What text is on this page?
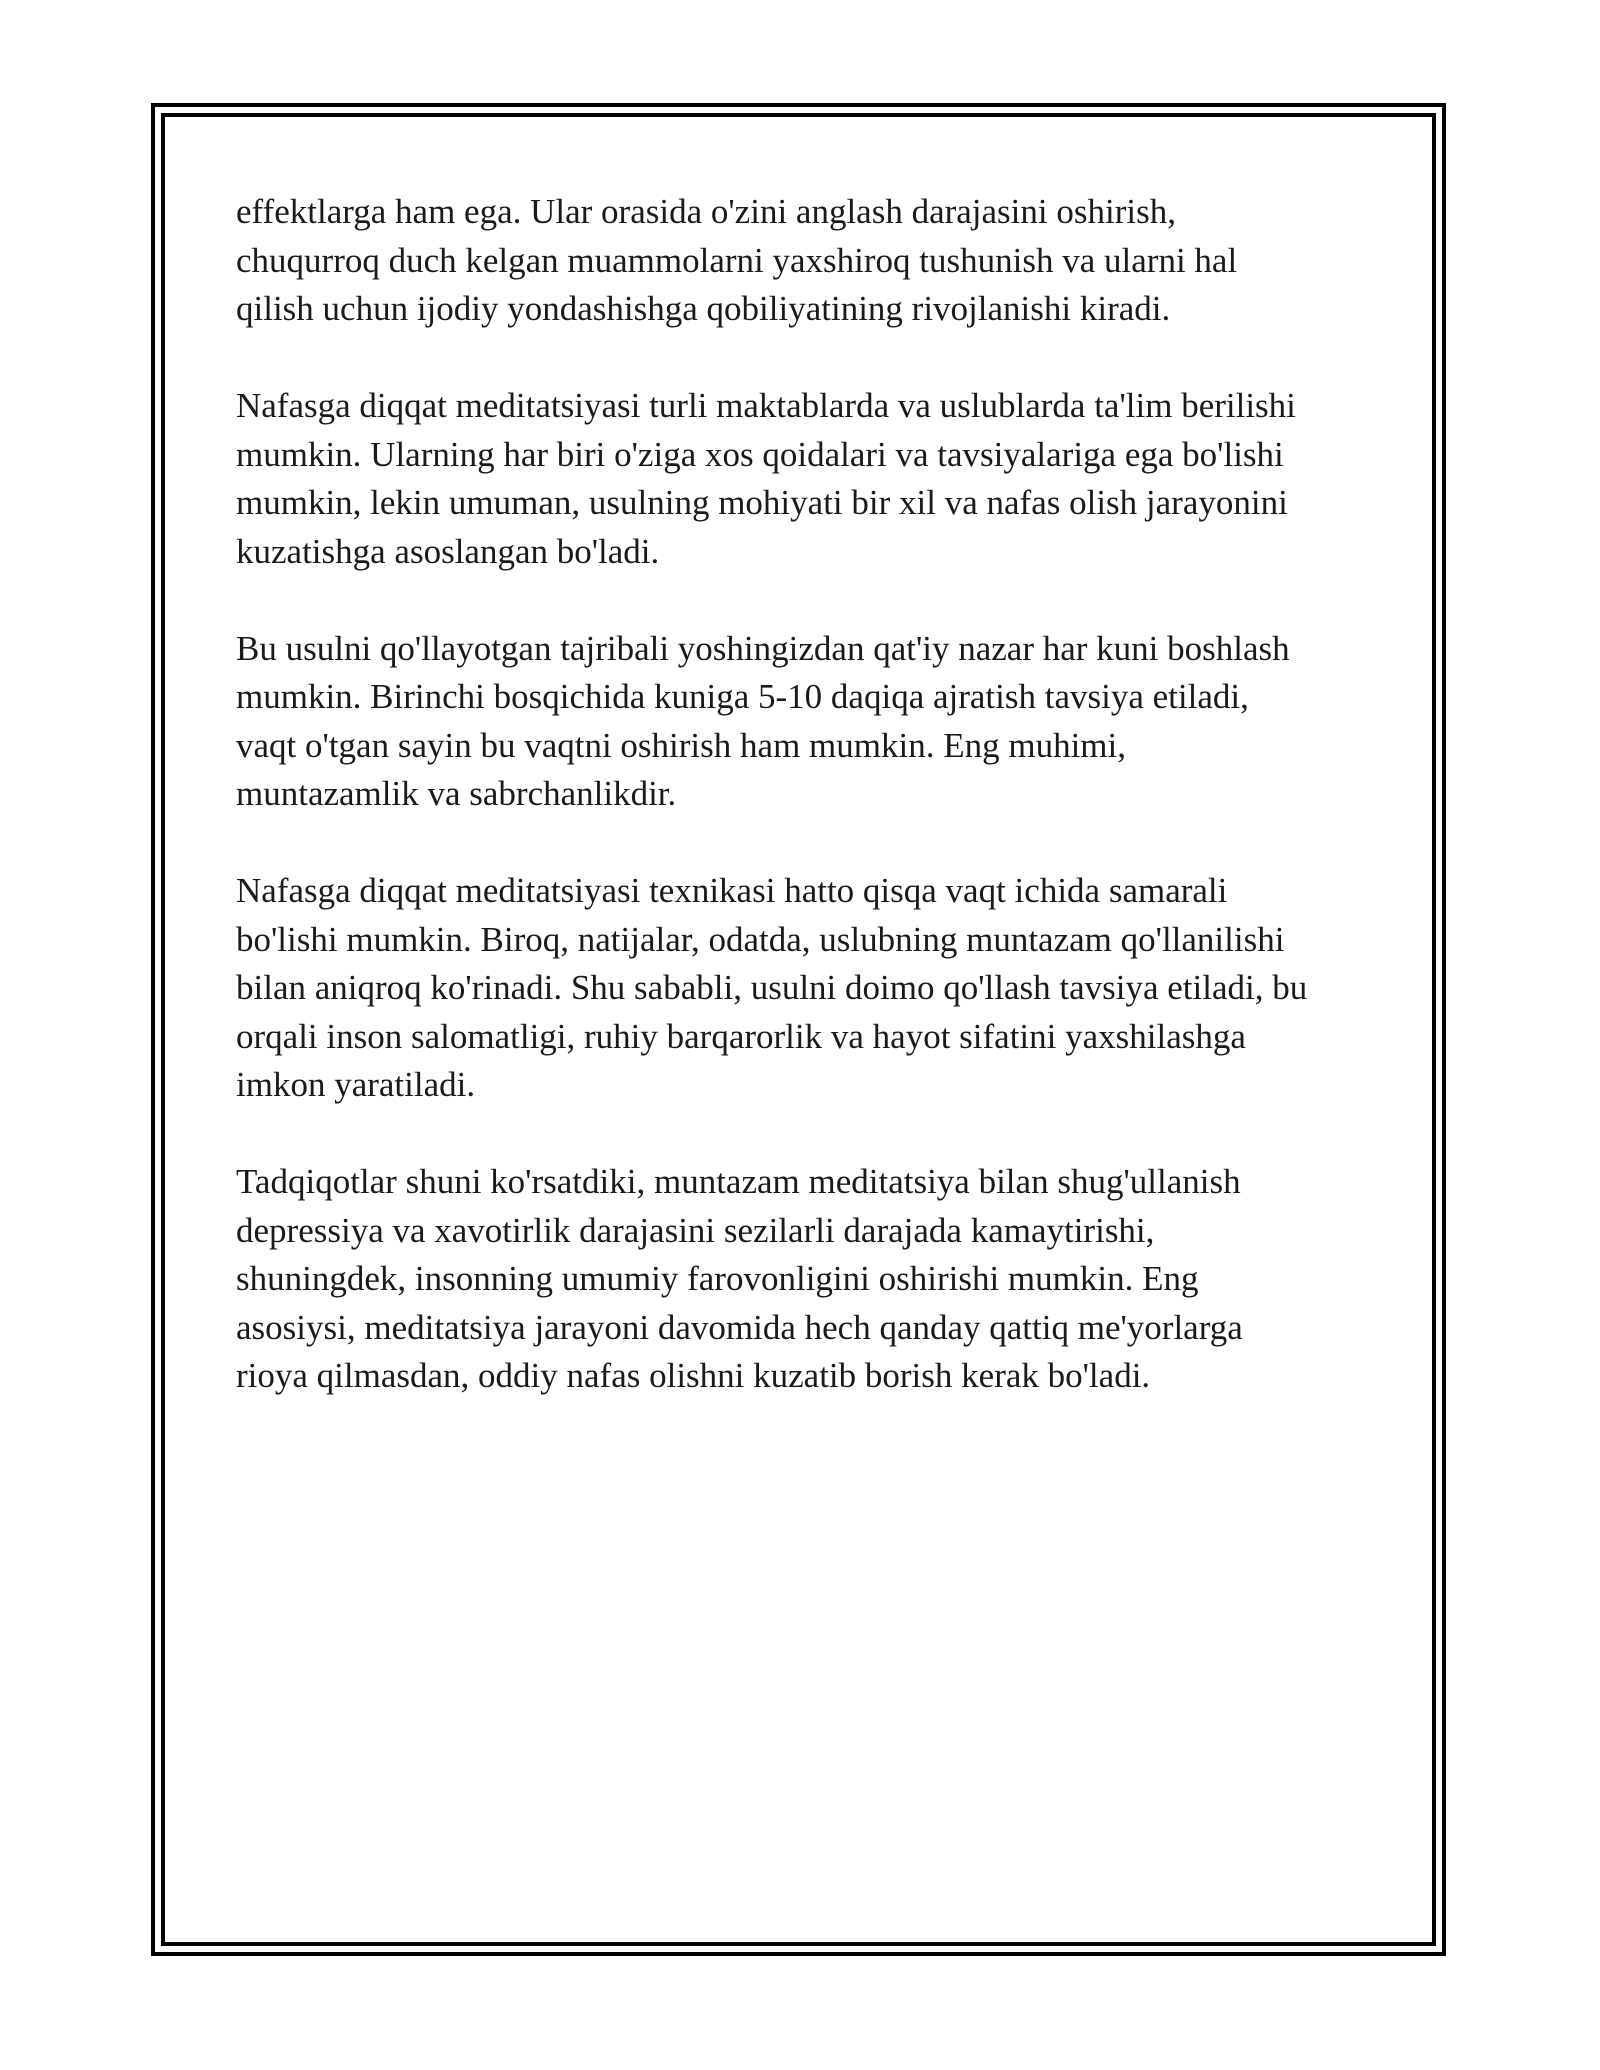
effektlarga ham ega. Ular orasida o'zini anglash darajasini oshirish,
chuqurroq duch kelgan muammolarni yaxshiroq tushunish va ularni hal
qilish uchun ijodiy yondashishga qobiliyatining rivojlanishi kiradi.

Nafasga diqqat meditatsiyasi turli maktablarda va uslublarda ta'lim berilishi
mumkin. Ularning har biri o'ziga xos qoidalari va tavsiyalariga ega bo'lishi
mumkin, lekin umuman, usulning mohiyati bir xil va nafas olish jarayonini
kuzatishga asoslangan bo'ladi.

Bu usulni qo'llayotgan tajribali yoshingizdan qat'iy nazar har kuni boshlash
mumkin. Birinchi bosqichida kuniga 5-10 daqiqa ajratish tavsiya etiladi,
vaqt o'tgan sayin bu vaqtni oshirish ham mumkin. Eng muhimi,
muntazamlik va sabrchanlikdir.

Nafasga diqqat meditatsiyasi texnikasi hatto qisqa vaqt ichida samarali
bo'lishi mumkin. Biroq, natijalar, odatda, uslubning muntazam qo'llanilishi
bilan aniqroq ko'rinadi. Shu sababli, usulni doimo qo'llash tavsiya etiladi, bu
orqali inson salomatligi, ruhiy barqarorlik va hayot sifatini yaxshilashga
imkon yaratiladi.

Tadqiqotlar shuni ko'rsatdiki, muntazam meditatsiya bilan shug'ullanish
depressiya va xavotirlik darajasini sezilarli darajada kamaytirishi,
shuningdek, insonning umumiy farovonligini oshirishi mumkin. Eng
asosiysi, meditatsiya jarayoni davomida hech qanday qattiq me'yorlarga
rioya qilmasdan, oddiy nafas olishni kuzatib borish kerak bo'ladi.
